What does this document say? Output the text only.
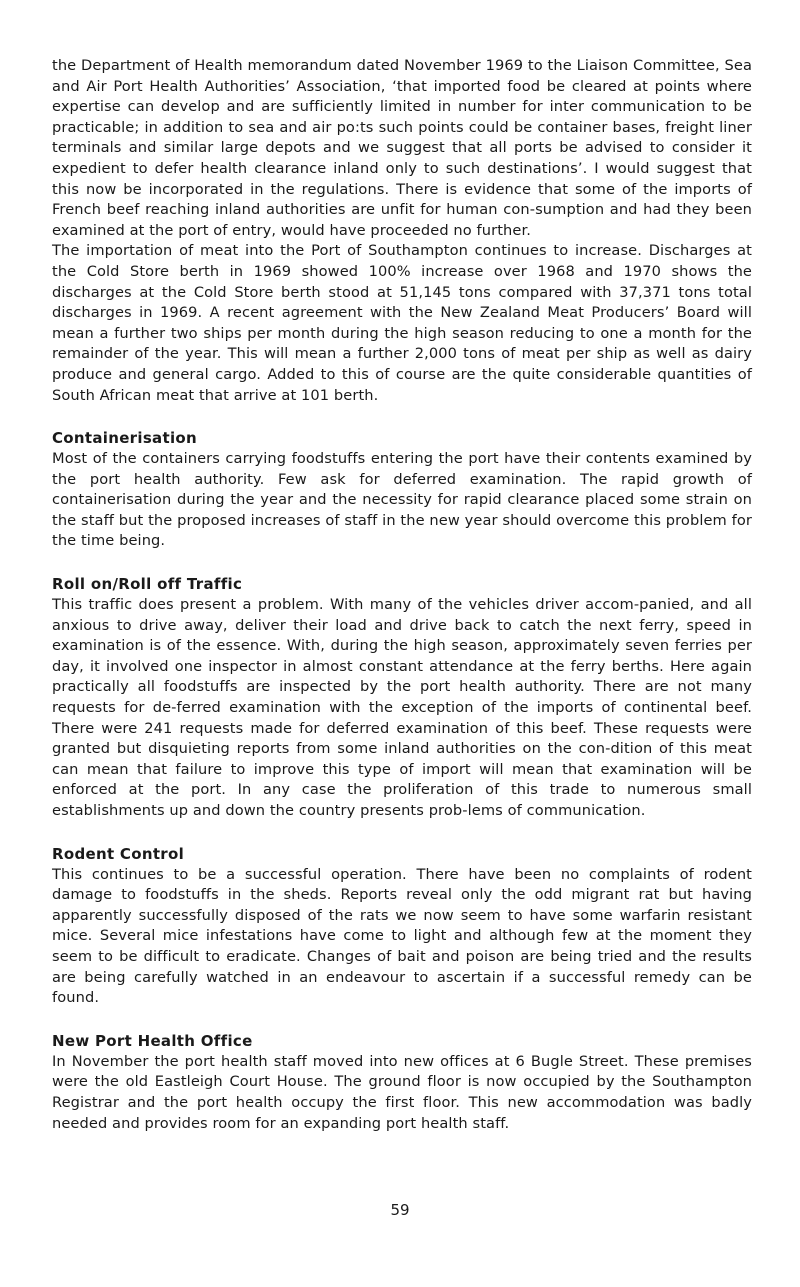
the Department of Health memorandum dated November 1969 to the Liaison Committee, Sea and Air Port Health Authorities’ Association, ‘that imported food be cleared at points where expertise can develop and are sufficiently limited in number for inter communication to be practicable; in addition to sea and air po:ts such points could be container bases, freight liner terminals and similar large depots and we suggest that all ports be advised to consider it expedient to defer health clearance inland only to such destinations’. I would suggest that this now be incorporated in the regulations. There is evidence that some of the imports of French beef reaching inland authorities are unfit for human con-sumption and had they been examined at the port of entry, would have proceeded no further.

The importation of meat into the Port of Southampton continues to increase. Discharges at the Cold Store berth in 1969 showed 100% increase over 1968 and 1970 shows the discharges at the Cold Store berth stood at 51,145 tons compared with 37,371 tons total discharges in 1969. A recent agreement with the New Zealand Meat Producers’ Board will mean a further two ships per month during the high season reducing to one a month for the remainder of the year. This will mean a further 2,000 tons of meat per ship as well as dairy produce and general cargo. Added to this of course are the quite considerable quantities of South African meat that arrive at 101 berth.

Containerisation

Most of the containers carrying foodstuffs entering the port have their contents examined by the port health authority. Few ask for deferred examination. The rapid growth of containerisation during the year and the necessity for rapid clearance placed some strain on the staff but the proposed increases of staff in the new year should overcome this problem for the time being.

Roll on/Roll off Traffic

This traffic does present a problem. With many of the vehicles driver accom-panied, and all anxious to drive away, deliver their load and drive back to catch the next ferry, speed in examination is of the essence. With, during the high season, approximately seven ferries per day, it involved one inspector in almost constant attendance at the ferry berths. Here again practically all foodstuffs are inspected by the port health authority. There are not many requests for de-ferred examination with the exception of the imports of continental beef. There were 241 requests made for deferred examination of this beef. These requests were granted but disquieting reports from some inland authorities on the con-dition of this meat can mean that failure to improve this type of import will mean that examination will be enforced at the port. In any case the proliferation of this trade to numerous small establishments up and down the country presents prob-lems of communication.

Rodent Control

This continues to be a successful operation. There have been no complaints of rodent damage to foodstuffs in the sheds. Reports reveal only the odd migrant rat but having apparently successfully disposed of the rats we now seem to have some warfarin resistant mice. Several mice infestations have come to light and although few at the moment they seem to be difficult to eradicate. Changes of bait and poison are being tried and the results are being carefully watched in an endeavour to ascertain if a successful remedy can be found.

New Port Health Office

In November the port health staff moved into new offices at 6 Bugle Street. These premises were the old Eastleigh Court House. The ground floor is now occupied by the Southampton Registrar and the port health occupy the first floor. This new accommodation was badly needed and provides room for an expanding port health staff.

59
